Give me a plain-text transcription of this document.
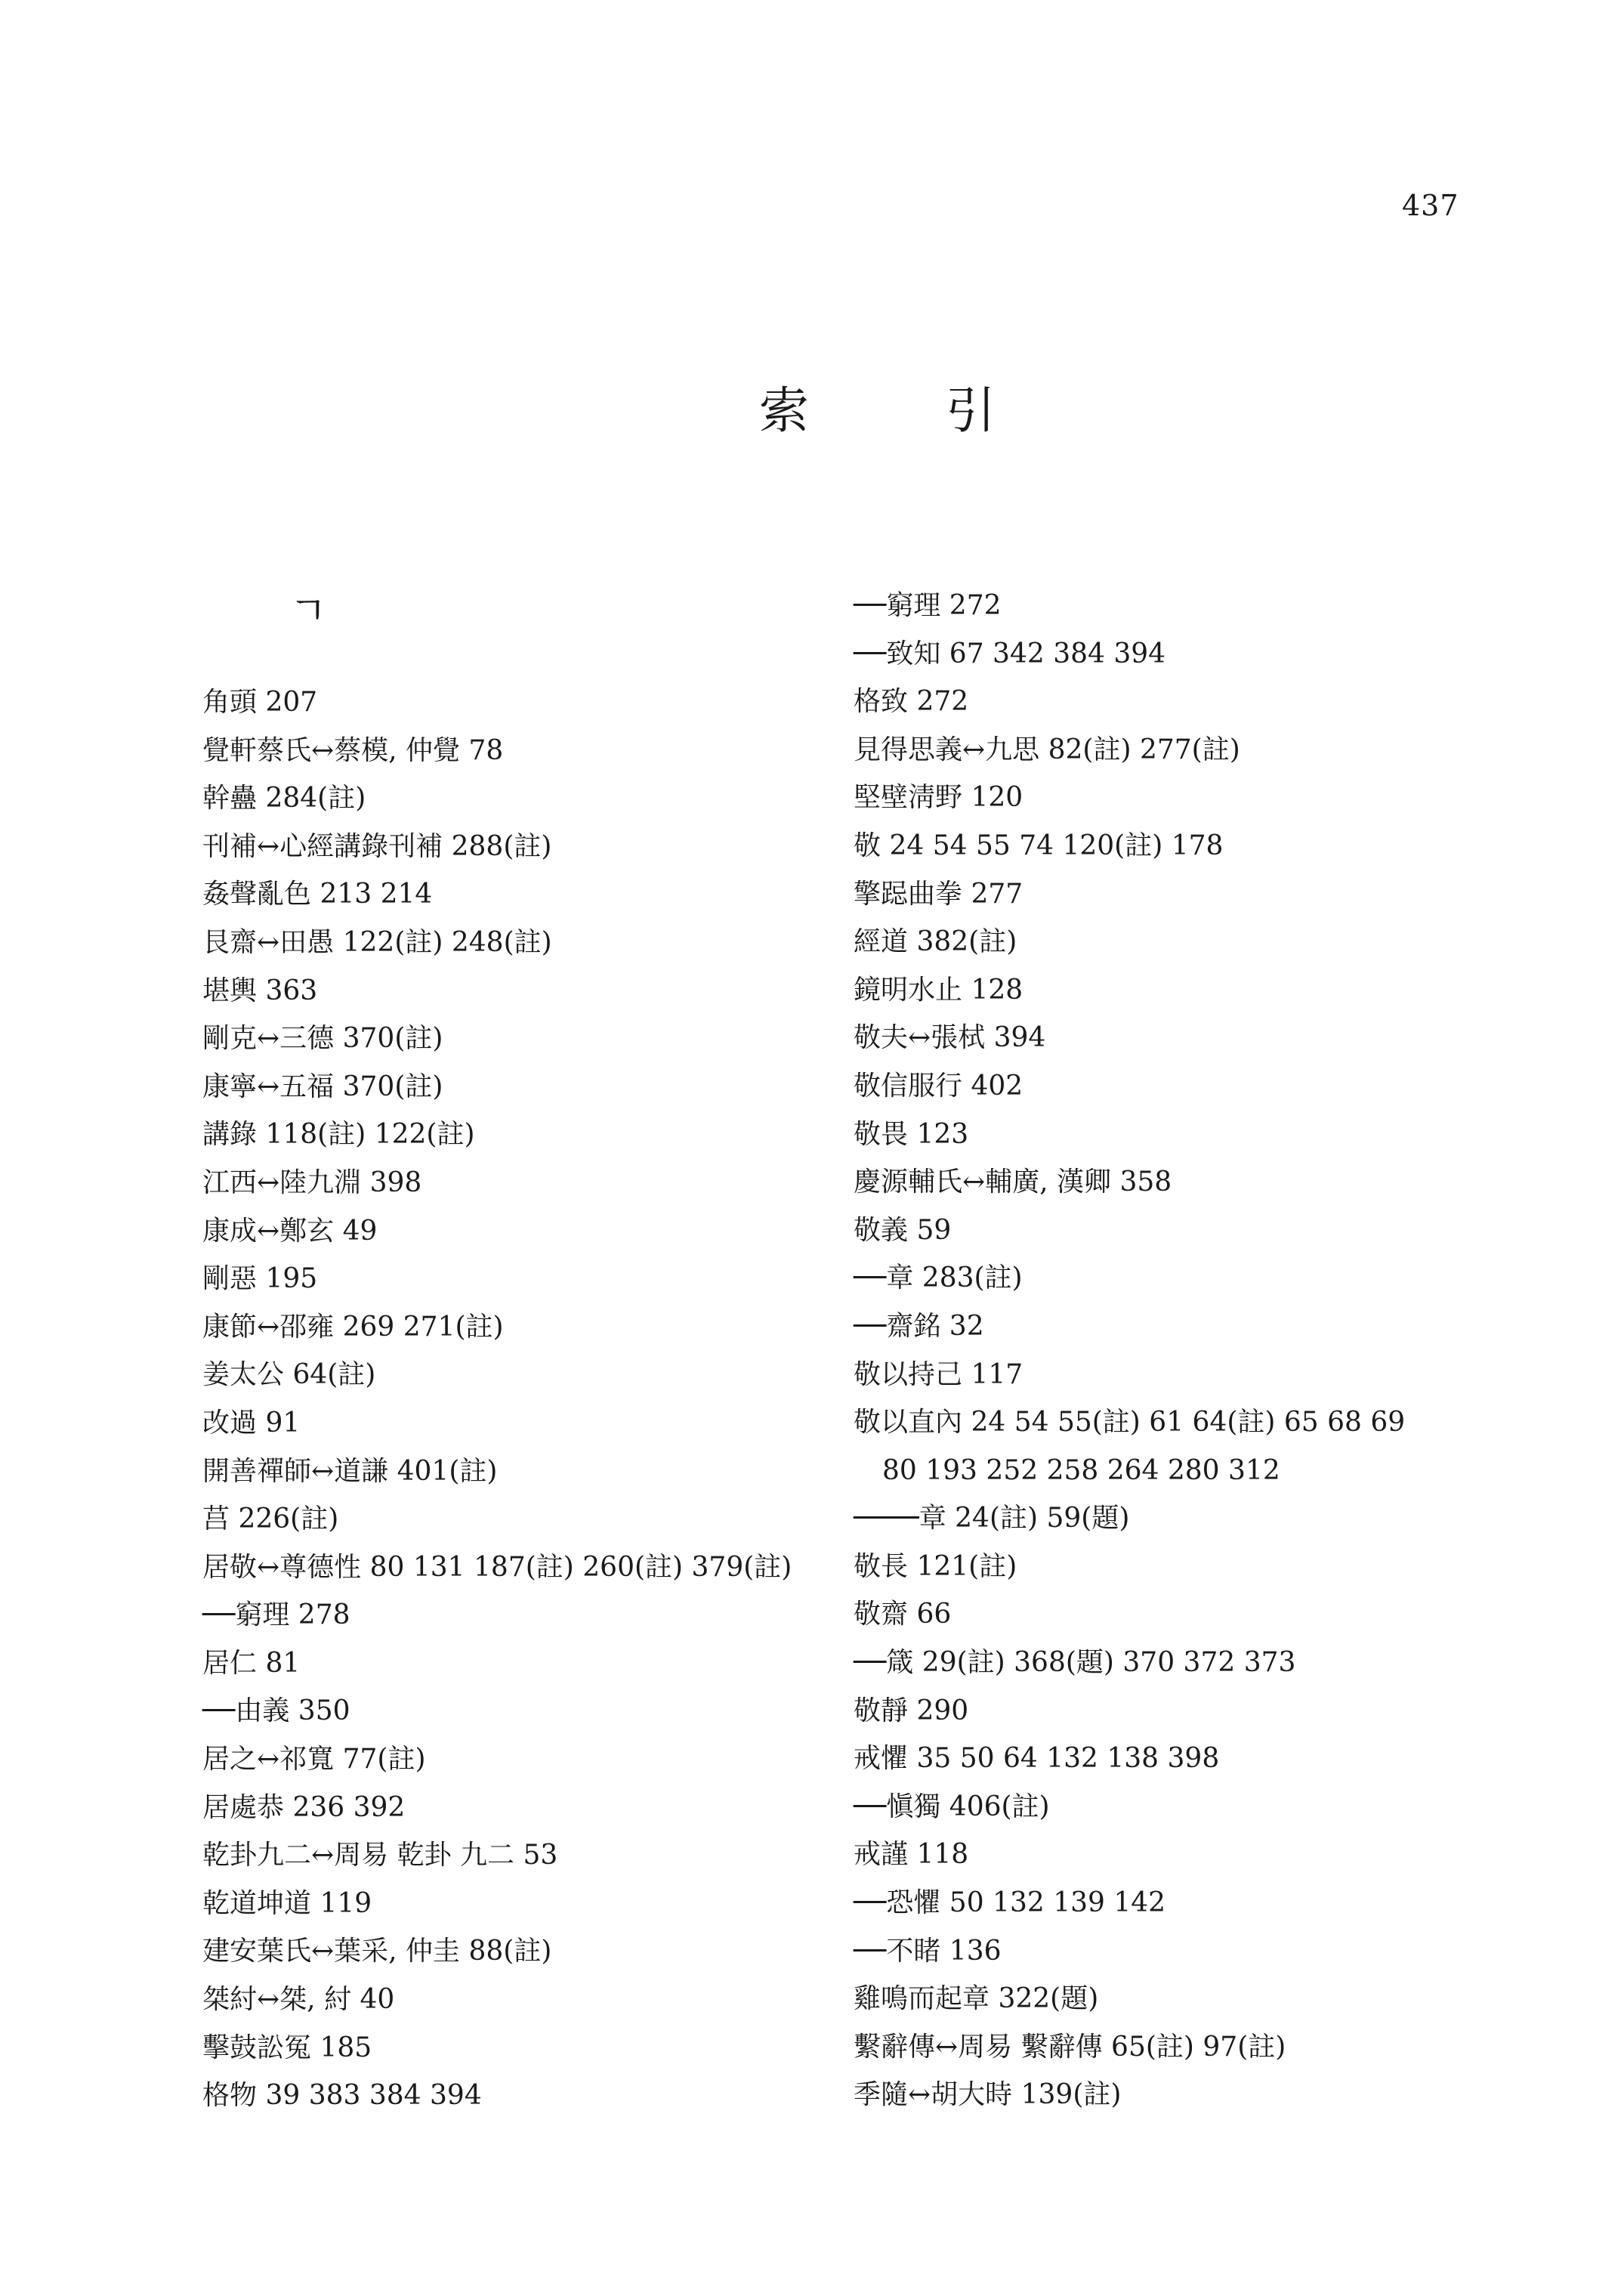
437
索 引
ㄱ
角頭 207
覺軒蔡氏↔蔡模, 仲覺 78
幹蠱 284(註)
刊補↔心經講錄刊補 288(註)
姦聲亂色 213 214
艮齋↔田愚 122(註) 248(註)
堪輿 363
剛克↔三德 370(註)
康寧↔五福 370(註)
講錄 118(註) 122(註)
江西↔陸九淵 398
康成↔鄭玄 49
剛惡 195
康節↔邵雍 269 271(註)
姜太公 64(註)
改過 91
開善禪師↔道謙 401(註)
莒 226(註)
居敬↔尊德性 80 131 187(註) 260(註) 379(註)
──窮理 278
居仁 81
──由義 350
居之↔祁寬 77(註)
居處恭 236 392
乾卦九二↔周易 乾卦 九二 53
乾道坤道 119
建安葉氏↔葉采, 仲圭 88(註)
桀紂↔桀, 紂 40
擊鼓訟冤 185
格物 39 383 384 394
──窮理 272
──致知 67 342 384 394
格致 272
見得思義↔九思 82(註) 277(註)
堅壁淸野 120
敬 24 54 55 74 120(註) 178
擎跽曲拳 277
經道 382(註)
鏡明水止 128
敬夫↔張栻 394
敬信服行 402
敬畏 123
慶源輔氏↔輔廣, 漢卿 358
敬義 59
──章 283(註)
──齋銘 32
敬以持己 117
敬以直內 24 54 55(註) 61 64(註) 65 68 69
80 193 252 258 264 280 312
────章 24(註) 59(題)
敬長 121(註)
敬齋 66
──箴 29(註) 368(題) 370 372 373
敬靜 290
戒懼 35 50 64 132 138 398
──愼獨 406(註)
戒謹 118
──恐懼 50 132 139 142
──不睹 136
雞鳴而起章 322(題)
繫辭傳↔周易 繫辭傳 65(註) 97(註)
季隨↔胡大時 139(註)
